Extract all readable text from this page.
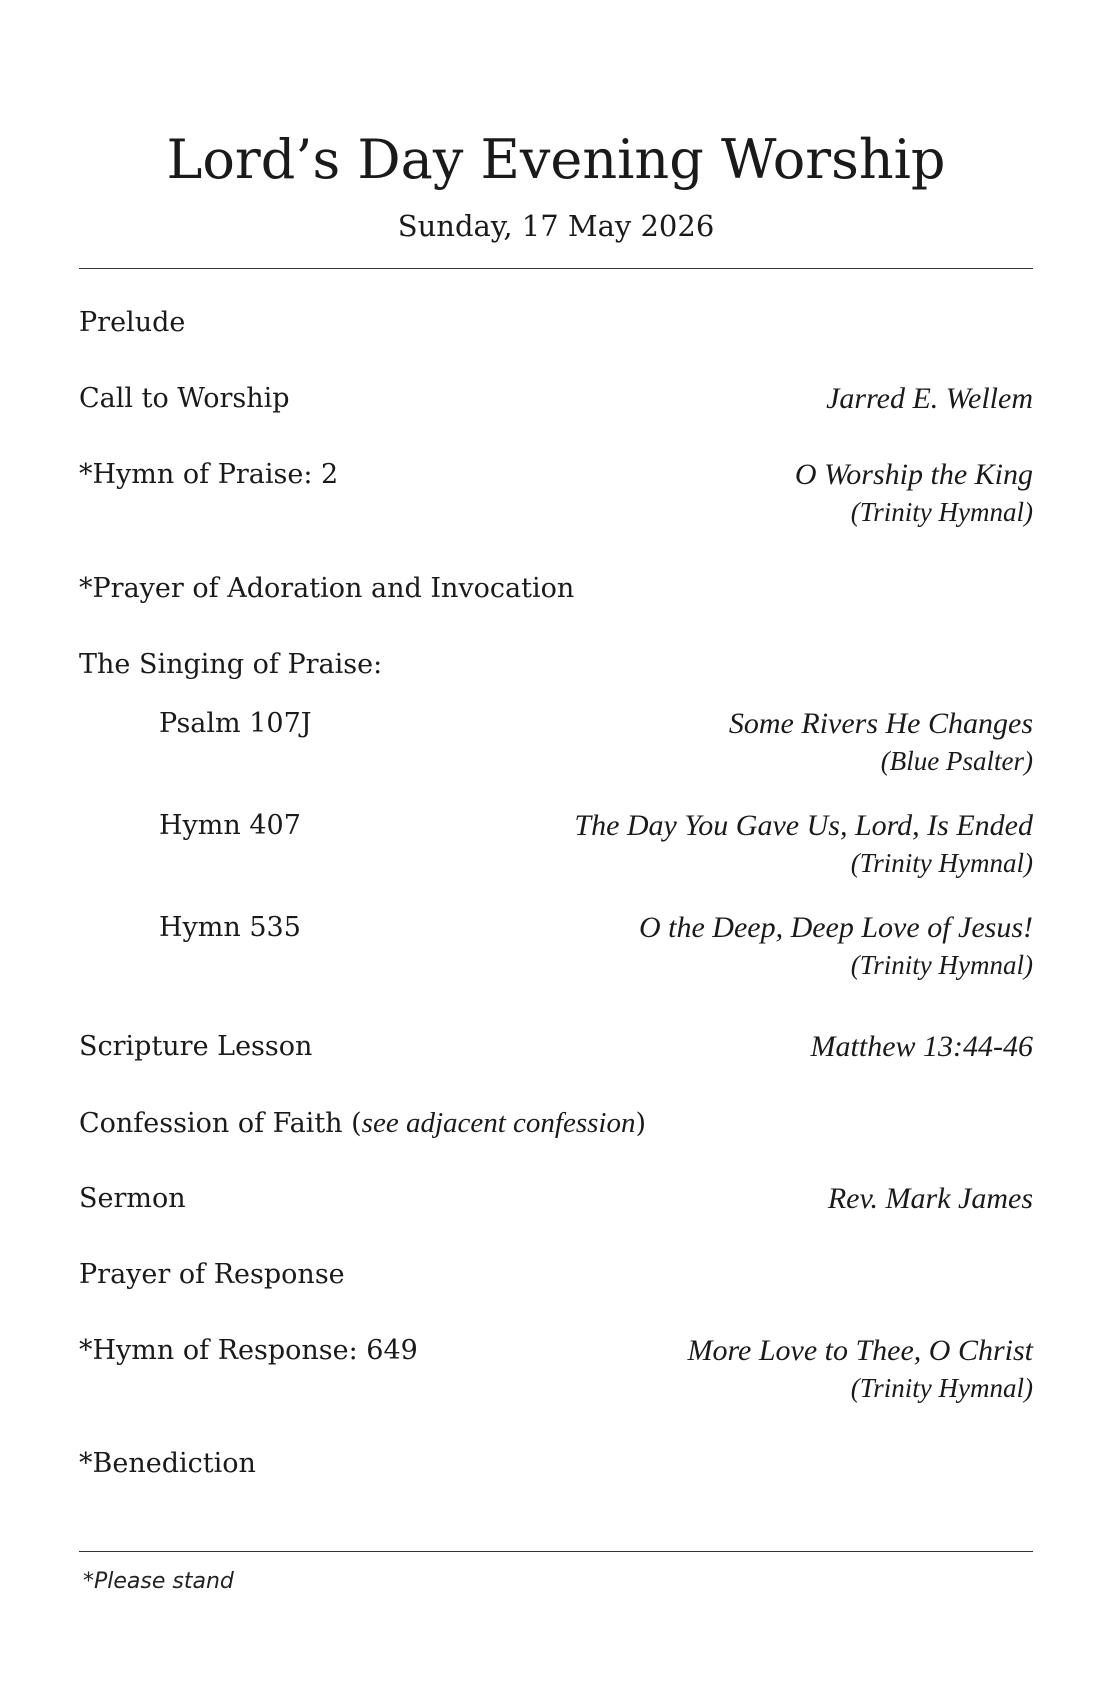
Lord’s Day Evening Worship
Sunday, 17 May 2026
Prelude
Call to Worship	Jarred E. Wellem
*Hymn of Praise: 2	O Worship the King
(Trinity Hymnal)
*Prayer of Adoration and Invocation
The Singing of Praise:
Psalm 107J	Some Rivers He Changes
(Blue Psalter)
Hymn 407	The Day You Gave Us, Lord, Is Ended
(Trinity Hymnal)
Hymn 535	O the Deep, Deep Love of Jesus!
(Trinity Hymnal)
Scripture Lesson	Matthew 13:44-46
Confession of Faith (see adjacent confession)
Sermon	Rev. Mark James
Prayer of Response
*Hymn of Response: 649	More Love to Thee, O Christ
(Trinity Hymnal)
*Benediction
*Please stand
